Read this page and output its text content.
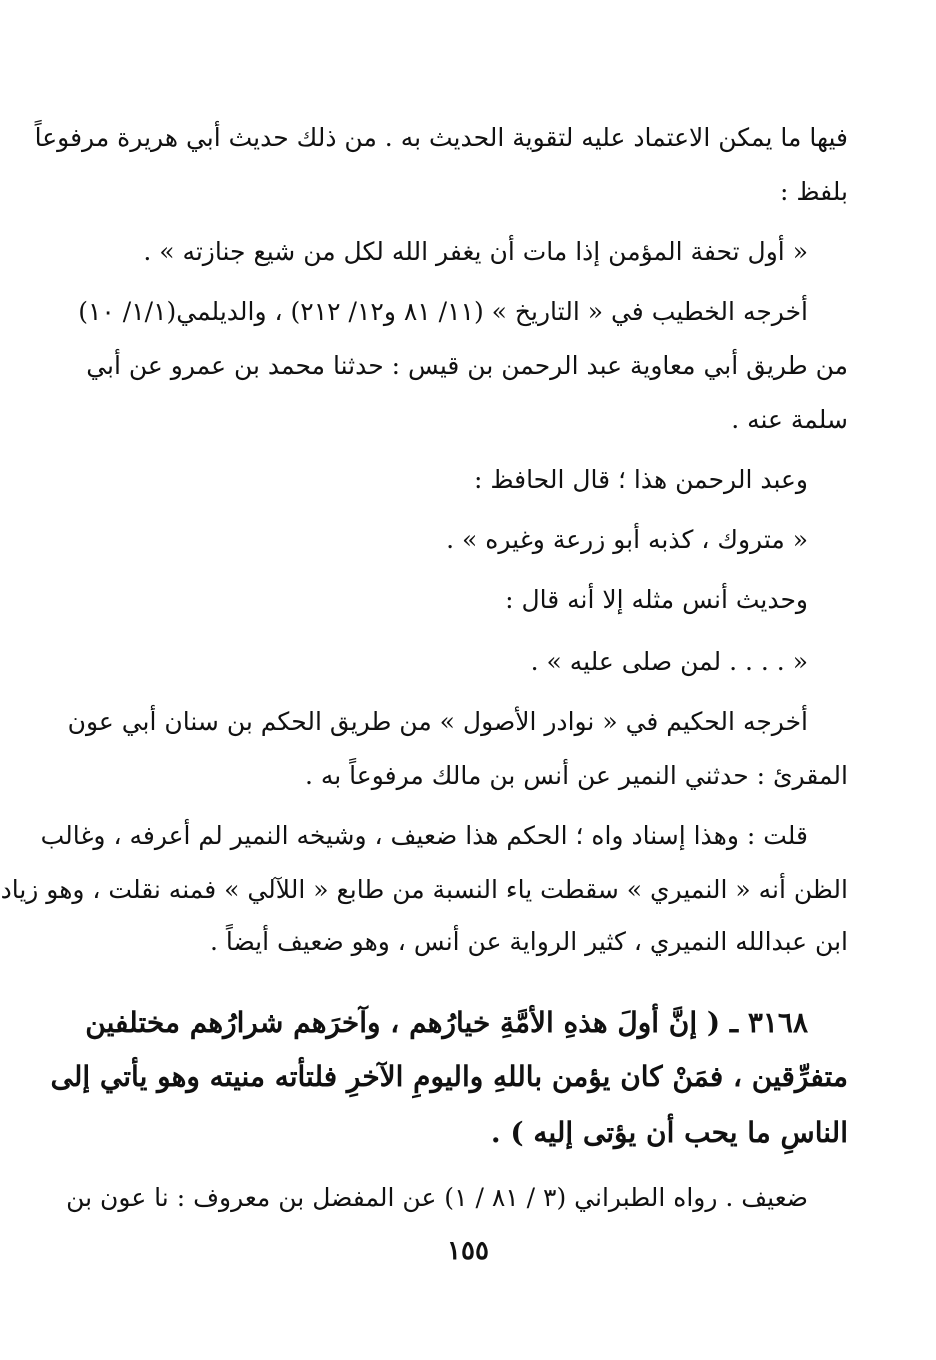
فيها ما يمكن الاعتماد عليه لتقوية الحديث به . من ذلك حديث أبي هريرة مرفوعاً

بلفظ :

« أول تحفة المؤمن إذا مات أن يغفر الله لكل من شيع جنازته » .

أخرجه الخطيب في « التاريخ » (١١/ ٨١ و١٢/ ٢١٢) ، والديلمي(١/١/ ١٠)

من طريق أبي معاوية عبد الرحمن بن قيس : حدثنا محمد بن عمرو عن أبي

سلمة عنه .

وعبد الرحمن هذا ؛ قال الحافظ :

« متروك ، كذبه أبو زرعة وغيره » .

وحديث أنس مثله إلا أنه قال :

« . . . . لمن صلى عليه » .

أخرجه الحكيم في « نوادر الأصول » من طريق الحكم بن سنان أبي عون

المقرئ : حدثني النمير عن أنس بن مالك مرفوعاً به .

قلت : وهذا إسناد واه ؛ الحكم هذا ضعيف ، وشيخه النمير لم أعرفه ، وغالب

الظن أنه « النميري » سقطت ياء النسبة من طابع « اللآلي » فمنه نقلت ، وهو زياد

ابن عبدالله النميري ، كثير الرواية عن أنس ، وهو ضعيف أيضاً .

٣١٦٨ ـ ( إنَّ أولَ هذهِ الأمَّةِ خيارُهم ، وآخرَهم شرارُهم مختلفين

متفرِّقين ، فمَنْ كان يؤمن باللهِ واليومِ الآخرِ فلتأته منيته وهو يأتي إلى

الناسِ ما يحب أن يؤتى إليه ) .

ضعيف . رواه الطبراني (٣ / ٨١ / ١) عن المفضل بن معروف : نا عون بن

١٥٥
